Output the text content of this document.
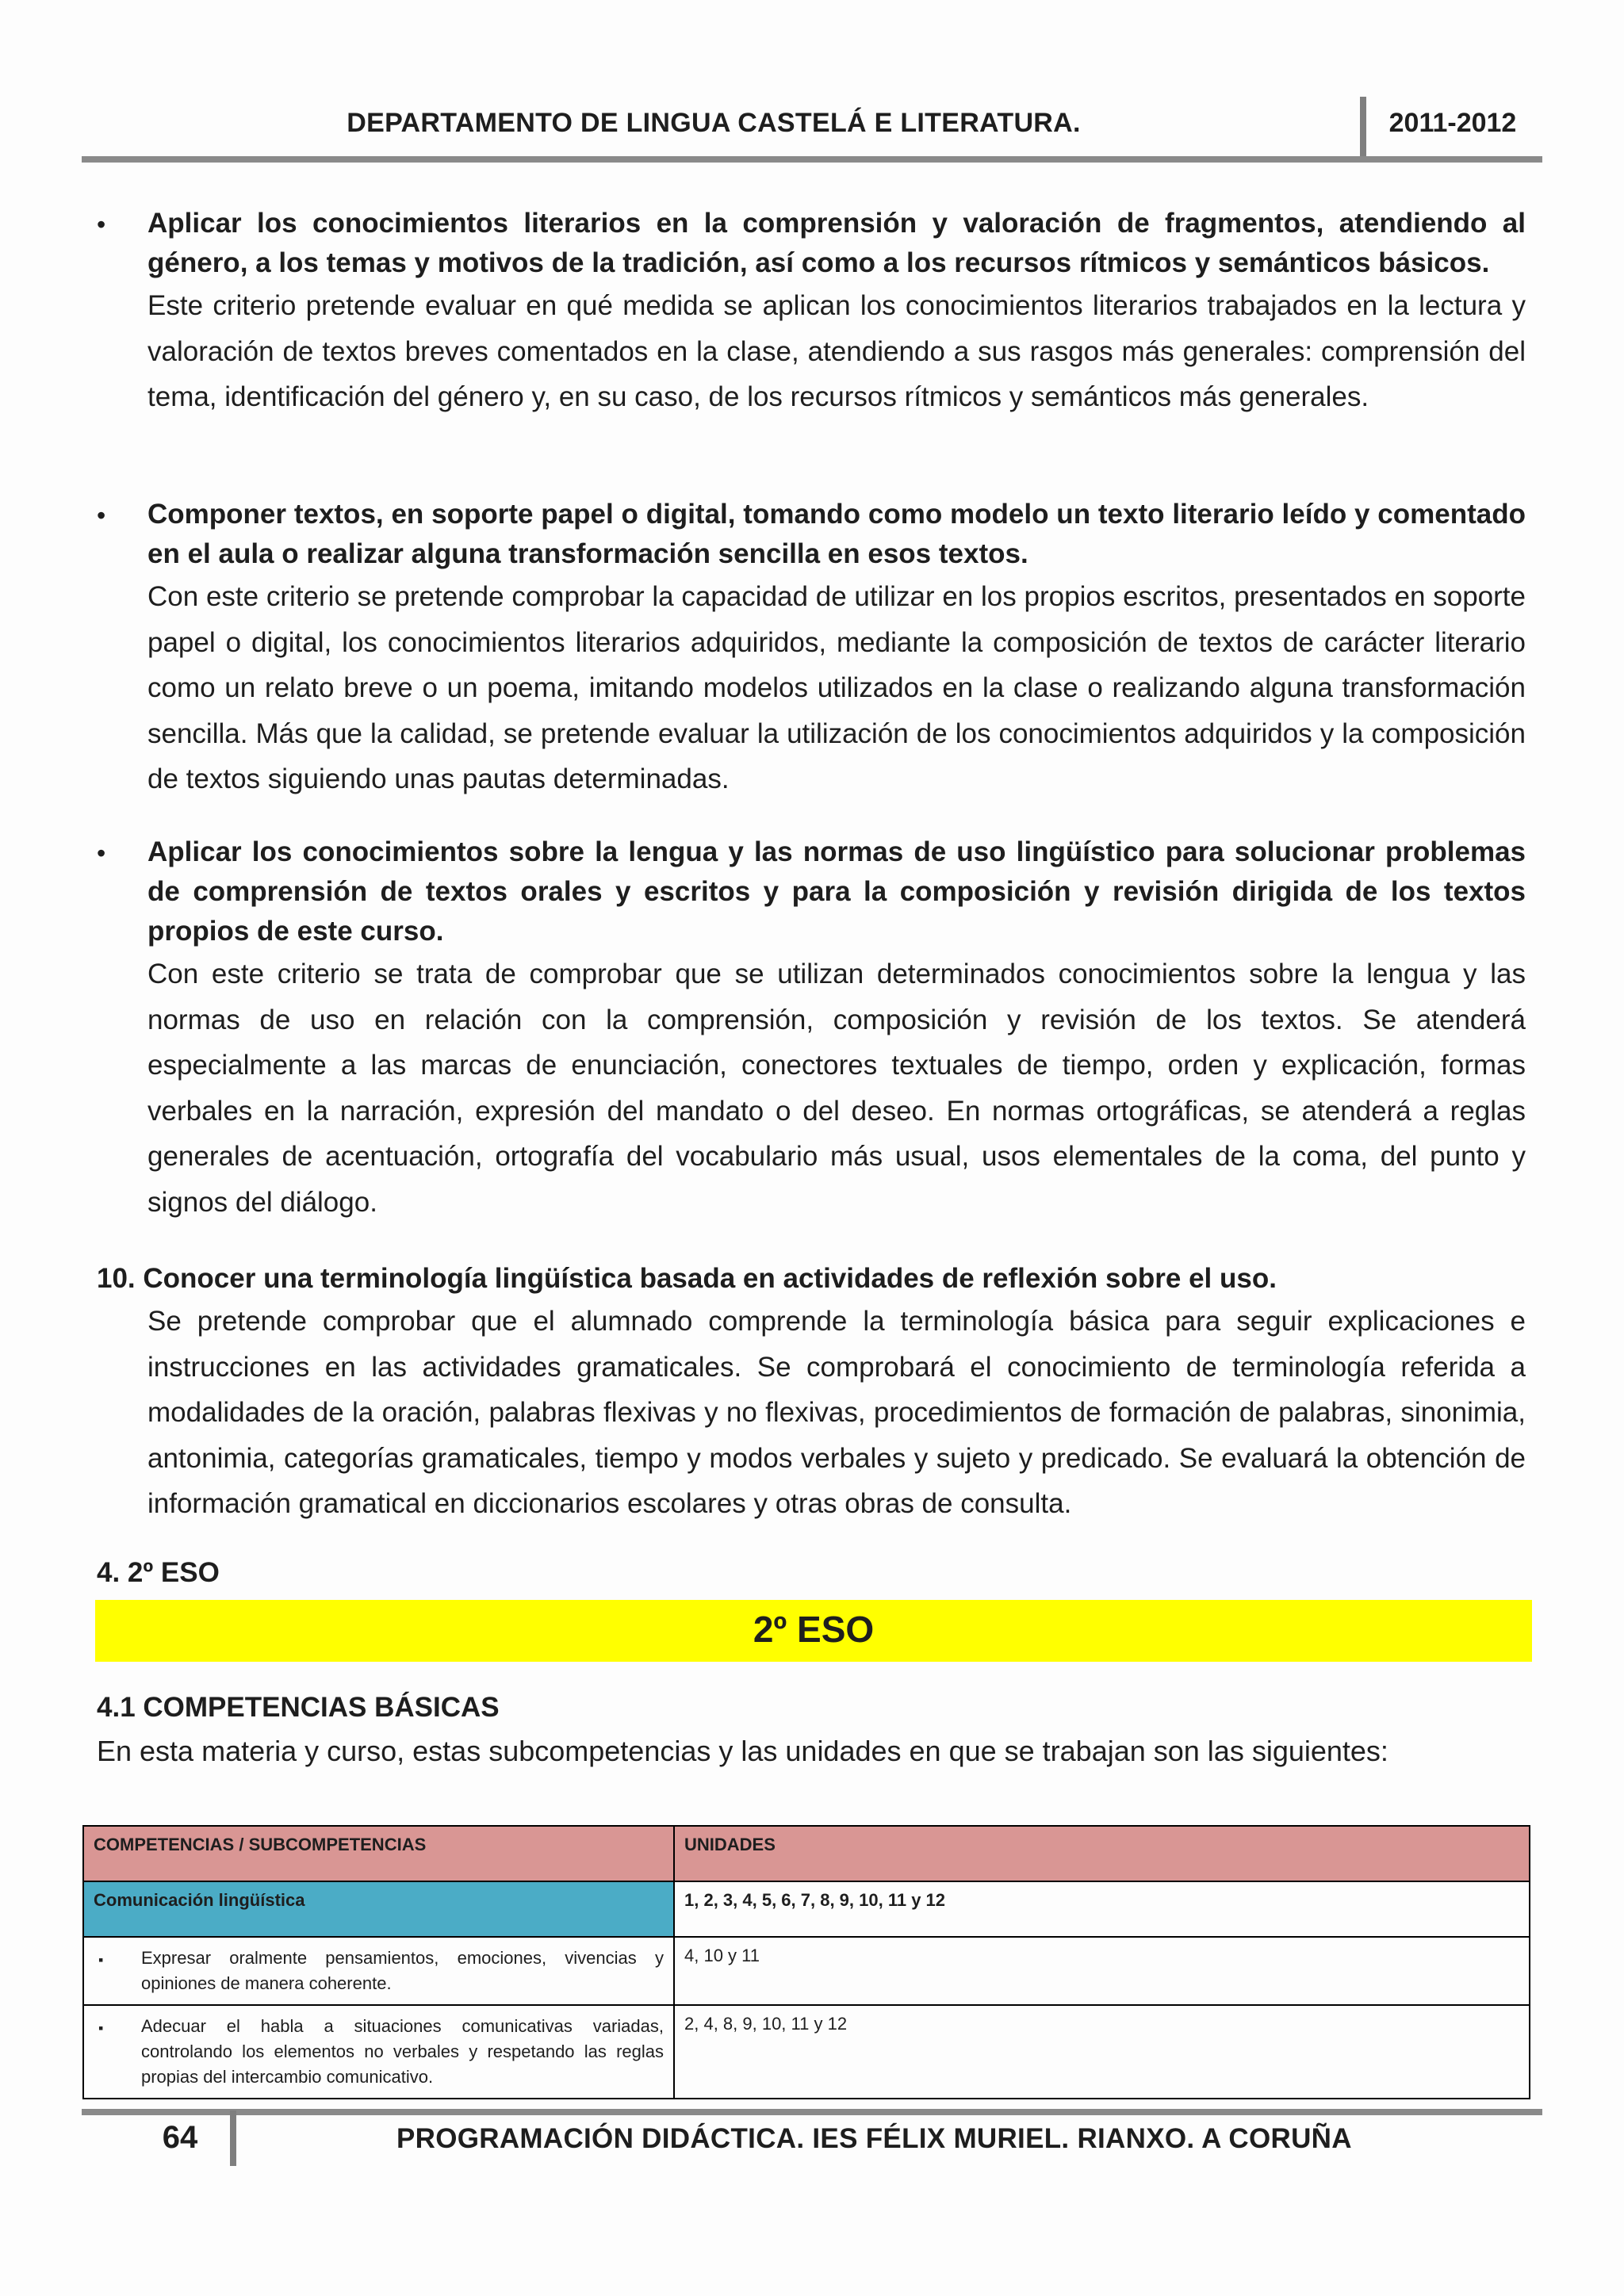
DEPARTAMENTO DE LINGUA CASTELÁ E LITERATURA.	2011-2012
• Aplicar los conocimientos literarios en la comprensión y valoración de fragmentos, atendiendo al género, a los temas y motivos de la tradición, así como a los recursos rítmicos y semánticos básicos.
Este criterio pretende evaluar en qué medida se aplican los conocimientos literarios trabajados en la lectura y valoración de textos breves comentados en la clase, atendiendo a sus rasgos más generales: comprensión del tema, identificación del género y, en su caso, de los recursos rítmicos y semánticos más generales.
• Componer textos, en soporte papel o digital, tomando como modelo un texto literario leído y comentado en el aula o realizar alguna transformación sencilla en esos textos.
Con este criterio se pretende comprobar la capacidad de utilizar en los propios escritos, presentados en soporte papel o digital, los conocimientos literarios adquiridos, mediante la composición de textos de carácter literario como un relato breve o un poema, imitando modelos utilizados en la clase o realizando alguna transformación sencilla. Más que la calidad, se pretende evaluar la utilización de los conocimientos adquiridos y la composición de textos siguiendo unas pautas determinadas.
• Aplicar los conocimientos sobre la lengua y las normas de uso lingüístico para solucionar problemas de comprensión de textos orales y escritos y para la composición y revisión dirigida de los textos propios de este curso.
Con este criterio se trata de comprobar que se utilizan determinados conocimientos sobre la lengua y las normas de uso en relación con la comprensión, composición y revisión de los textos. Se atenderá especialmente a las marcas de enunciación, conectores textuales de tiempo, orden y explicación, formas verbales en la narración, expresión del mandato o del deseo. En normas ortográficas, se atenderá a reglas generales de acentuación, ortografía del vocabulario más usual, usos elementales de la coma, del punto y signos del diálogo.
10. Conocer una terminología lingüística basada en actividades de reflexión sobre el uso.
Se pretende comprobar que el alumnado comprende la terminología básica para seguir explicaciones e instrucciones en las actividades gramaticales. Se comprobará el conocimiento de terminología referida a modalidades de la oración, palabras flexivas y no flexivas, procedimientos de formación de palabras, sinonimia, antonimia, categorías gramaticales, tiempo y modos verbales y sujeto y predicado. Se evaluará la obtención de información gramatical en diccionarios escolares y otras obras de consulta.
4. 2º ESO
2º ESO
4.1 COMPETENCIAS BÁSICAS
En esta materia y curso, estas subcompetencias y las unidades en que se trabajan son las siguientes:
COMPETENCIAS / SUBCOMPETENCIAS	UNIDADES
Comunicación lingüística	1, 2, 3, 4, 5, 6, 7, 8, 9, 10, 11 y 12

▪ Expresar oralmente pensamientos, emociones, vivencias y opiniones de manera coherente.	4, 10 y 11

▪ Adecuar el habla a situaciones comunicativas variadas, controlando los elementos no verbales y respetando las reglas propias del intercambio comunicativo.	2, 4, 8, 9, 10, 11 y 12
64	PROGRAMACIÓN DIDÁCTICA. IES FÉLIX MURIEL. RIANXO. A CORUÑA
